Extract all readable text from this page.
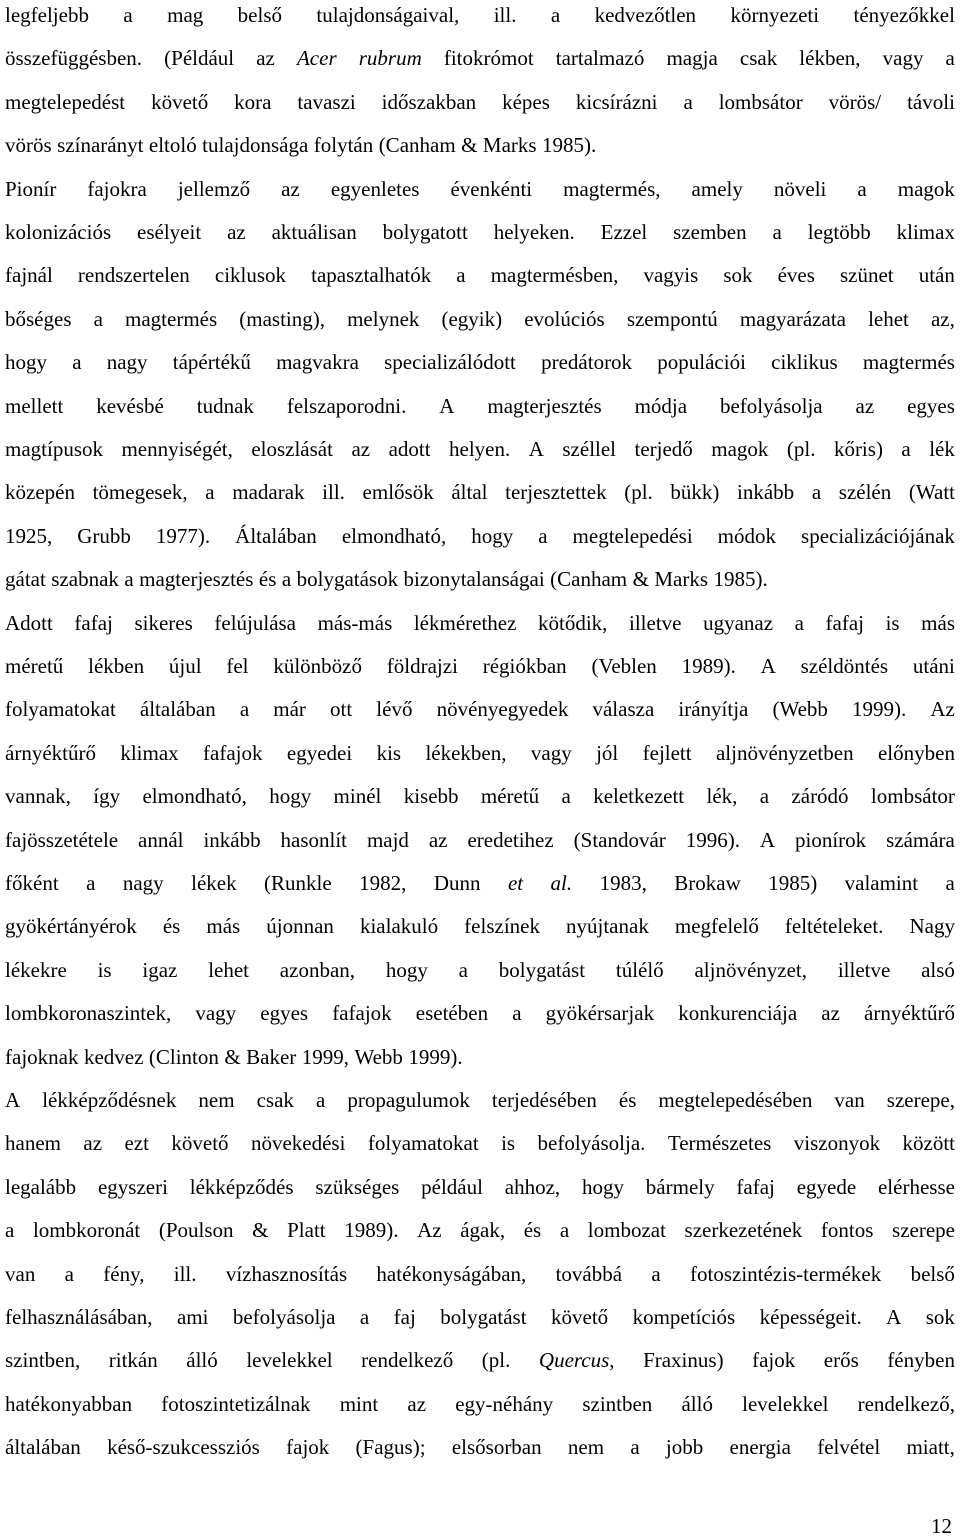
legfeljebb a mag belső tulajdonságaival, ill. a kedvezőtlen környezeti tényezőkkel
összefüggésben. (Például az Acer rubrum fitokrómot tartalmazó magja csak lékben, vagy a
megtelepedést követő kora tavaszi időszakban képes kicsírázni a lombsátor vörös/ távoli
vörös színarányt eltoló tulajdonsága folytán (Canham & Marks 1985).
Pionír fajokra jellemző az egyenletes évenkénti magtermés, amely növeli a magok
kolonizációs esélyeit az aktuálisan bolygatott helyeken. Ezzel szemben a legtöbb klimax
fajnál rendszertelen ciklusok tapasztalhatók a magtermésben, vagyis sok éves szünet után
bőséges a magtermés (masting), melynek (egyik) evolúciós szempontú magyarázata lehet az,
hogy a nagy tápértékű magvakra specializálódott predátorok populációi ciklikus magtermés
mellett kevésbé tudnak felszaporodni. A magterjesztés módja befolyásolja az egyes
magtípusok mennyiségét, eloszlását az adott helyen. A széllel terjedő magok (pl. kőris) a lék
közepén tömegesek, a madarak ill. emlősök által terjesztettek (pl. bükk) inkább a szélén (Watt
1925, Grubb 1977). Általában elmondható, hogy a megtelepedési módok specializációjának
gátat szabnak a magterjesztés és a bolygatások bizonytalanságai (Canham & Marks 1985).
Adott fafaj sikeres felújulása más-más lékmérethez kötődik, illetve ugyanaz a fafaj is más
méretű lékben újul fel különböző földrajzi régiókban (Veblen 1989). A széldöntés utáni
folyamatokat általában a már ott lévő növényegyedek válasza irányítja (Webb 1999). Az
árnyéktűrő klimax fafajok egyedei kis lékekben, vagy jól fejlett aljnövényzetben előnyben
vannak, így elmondható, hogy minél kisebb méretű a keletkezett lék, a záródó lombsátor
fajösszetétele annál inkább hasonlít majd az eredetihez (Standovár 1996). A pionírok számára
főként a nagy lékek (Runkle 1982, Dunn et al. 1983, Brokaw 1985) valamint a
gyökértányérok és más újonnan kialakuló felszínek nyújtanak megfelelő feltételeket. Nagy
lékekre is igaz lehet azonban, hogy a bolygatást túlélő aljnövényzet, illetve alsó
lombkoronaszintek, vagy egyes fafajok esetében a gyökérsarjak konkurenciája az árnyéktűrő
fajoknak kedvez (Clinton & Baker 1999, Webb 1999).
A lékképződésnek nem csak a propagulumok terjedésében és megtelepedésében van szerepe,
hanem az ezt követő növekedési folyamatokat is befolyásolja. Természetes viszonyok között
legalább egyszeri lékképződés szükséges például ahhoz, hogy bármely fafaj egyede elérhesse
a lombkoronát (Poulson & Platt 1989). Az ágak, és a lombozat szerkezetének fontos szerepe
van a fény, ill. vízhasznosítás hatékonyságában, továbbá a fotoszintézis-termékek belső
felhasználásában, ami befolyásolja a faj bolygatást követő kompetíciós képességeit. A sok
szintben, ritkán álló levelekkel rendelkező (pl. Quercus, Fraxinus) fajok erős fényben
hatékonyabban fotoszintetizálnak mint az egy-néhány szintben álló levelekkel rendelkező,
általában késő-szukcessziós fajok (Fagus); elsősorban nem a jobb energia felvétel miatt,
12
